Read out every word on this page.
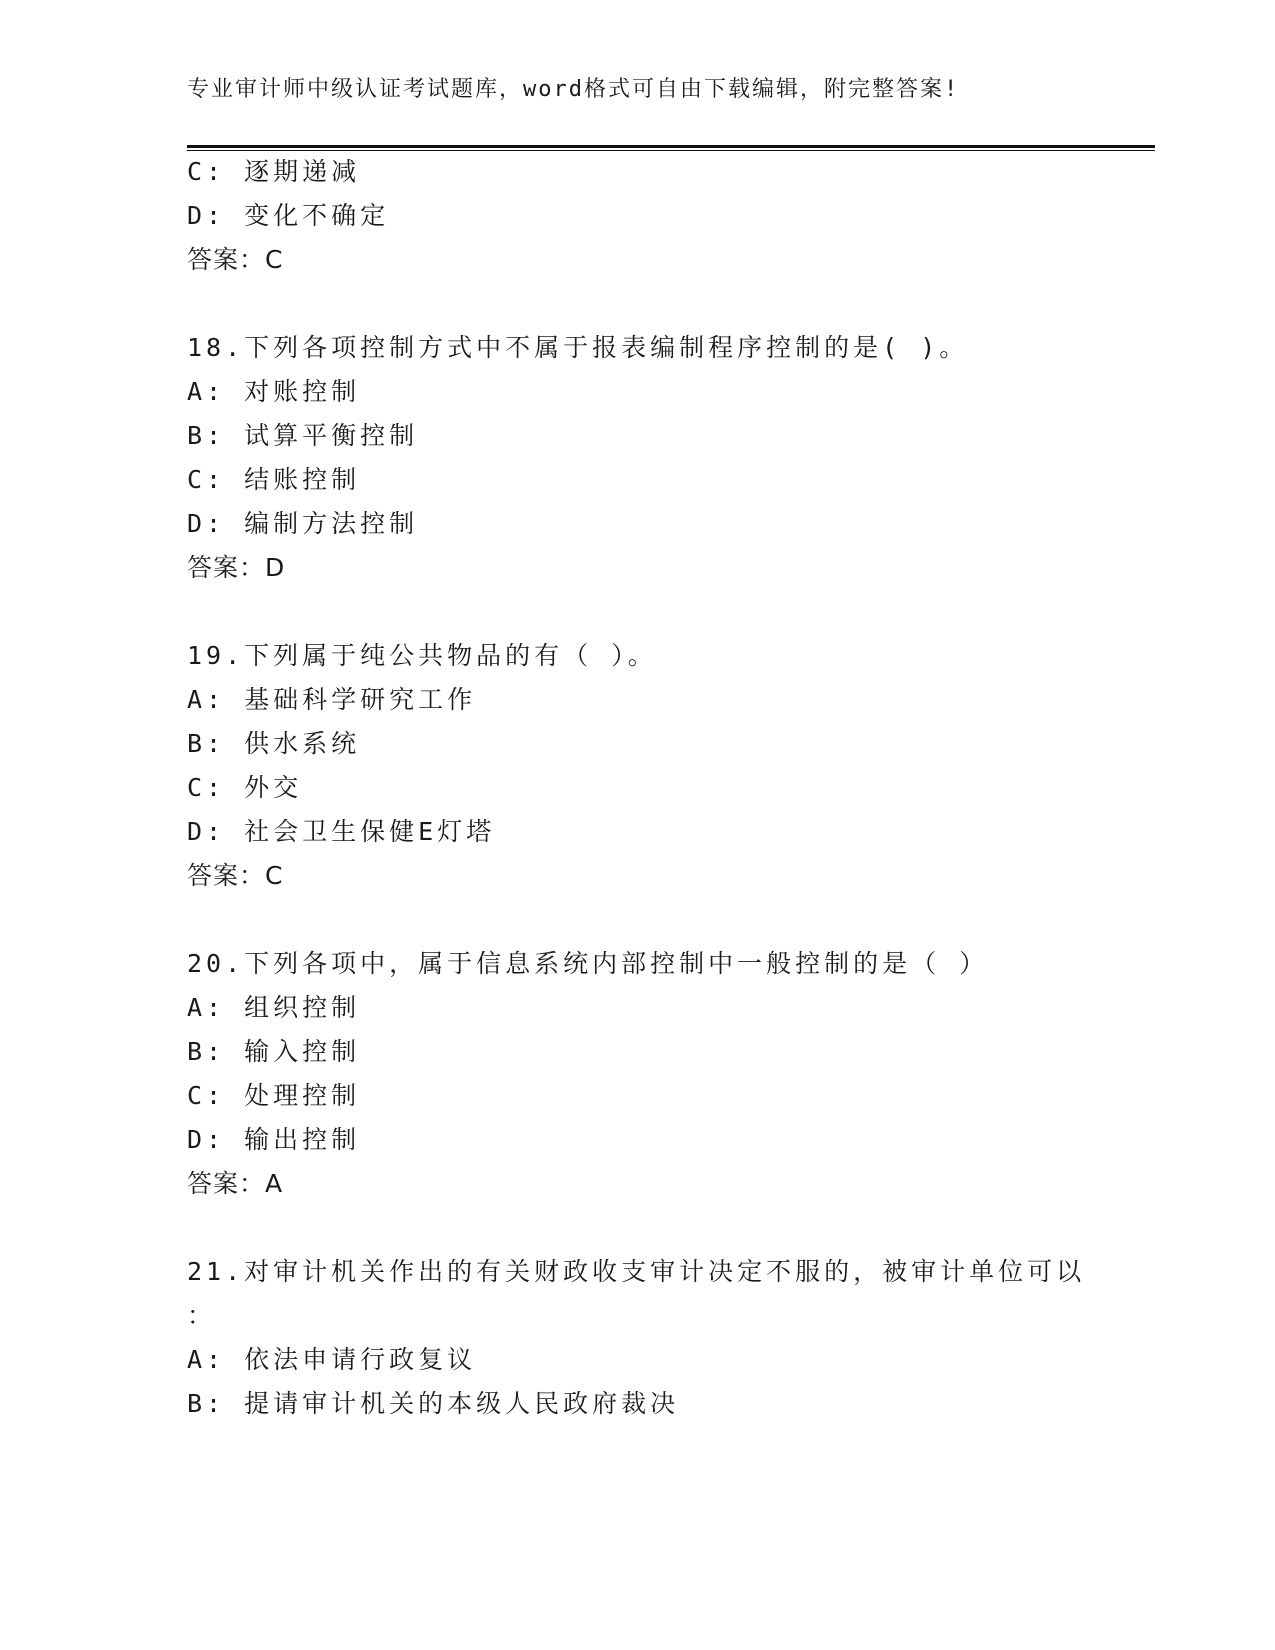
专业审计师中级认证考试题库，word格式可自由下载编辑，附完整答案!
C: 逐期递减
D: 变化不确定
答案：C
18.下列各项控制方式中不属于报表编制程序控制的是( )。
A: 对账控制
B: 试算平衡控制
C: 结账控制
D: 编制方法控制
答案：D
19.下列属于纯公共物品的有（ ）。
A: 基础科学研究工作
B: 供水系统
C: 外交
D: 社会卫生保健E灯塔
答案：C
20.下列各项中，属于信息系统内部控制中一般控制的是（ ）
A: 组织控制
B: 输入控制
C: 处理控制
D: 输出控制
答案：A
21.对审计机关作出的有关财政收支审计决定不服的，被审计单位可以
：
A: 依法申请行政复议
B: 提请审计机关的本级人民政府裁决
